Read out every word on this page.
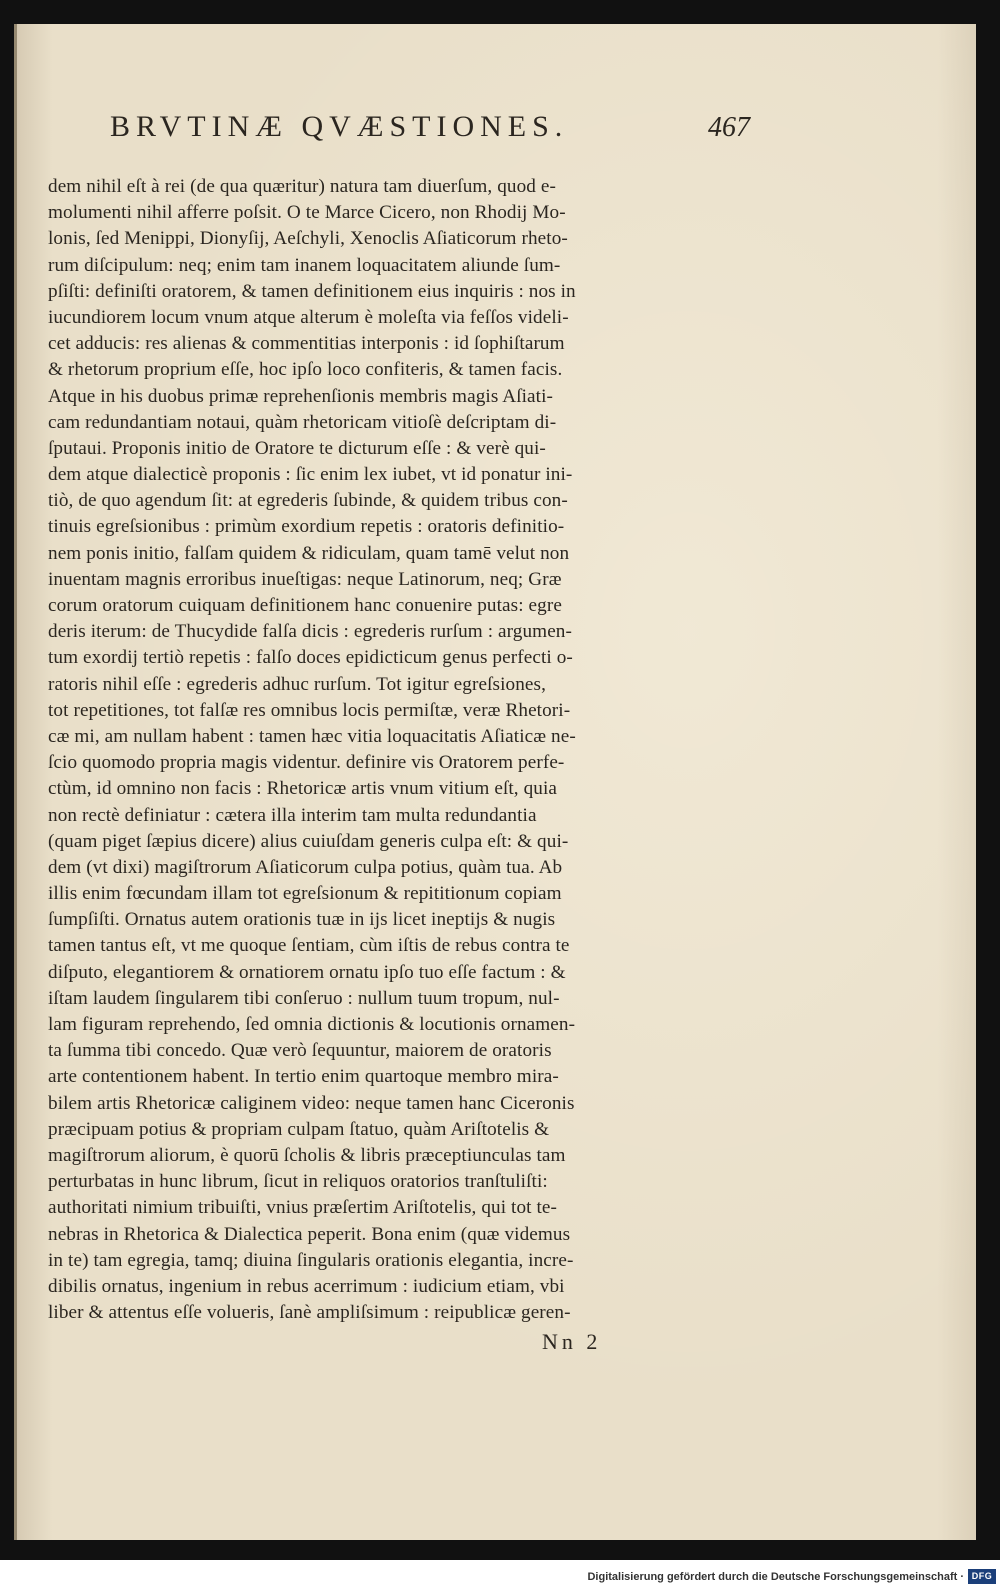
BRVTINÆ QVÆSTIONES.	467
dem nihil eſt à rei (de qua quæritur) natura tam diuerſum, quod e-
molumenti nihil afferre poſsit. O te Marce Cicero, non Rhodij Mo-
lonis, ſed Menippi, Dionyſij, Aeſchyli, Xenoclis Aſiaticorum rheto-
rum diſcipulum: neq; enim tam inanem loquacitatem aliunde ſum-
pſiſti: definiſti oratorem, & tamen definitionem eius inquiris : nos in
iucundiorem locum vnum atque alterum è moleſta via feſſos videli-
cet adducis: res alienas & commentitias interponis : id ſophiſtarum
& rhetorum proprium eſſe, hoc ipſo loco confiteris, & tamen facis.
Atque in his duobus primæ reprehenſionis membris magis Aſiati-
cam redundantiam notaui, quàm rhetoricam vitioſè deſcriptam di-
ſputaui. Proponis initio de Oratore te dicturum eſſe : & verè qui-
dem atque dialecticè proponis : ſic enim lex iubet, vt id ponatur ini-
tiò, de quo agendum ſit: at egrederis ſubinde, & quidem tribus con-
tinuis egreſsionibus : primùm exordium repetis : oratoris definitio-
nem ponis initio, falſam quidem & ridiculam, quam tamē velut non
inuentam magnis erroribus inueſtigas: neque Latinorum, neq; Græ
corum oratorum cuiquam definitionem hanc conuenire putas: egre
deris iterum: de Thucydide falſa dicis : egrederis rurſum : argumen-
tum exordij tertiò repetis : falſo doces epidicticum genus perfecti o-
ratoris nihil eſſe : egrederis adhuc rurſum. Tot igitur egreſsiones,
tot repetitiones, tot falſæ res omnibus locis permiſtæ, veræ Rhetori-
cæ mi, am nullam habent : tamen hæc vitia loquacitatis Aſiaticæ ne-
ſcio quomodo propria magis videntur. definire vis Oratorem perfe-
ctùm, id omnino non facis : Rhetoricæ artis vnum vitium eſt, quia
non rectè definiatur : cætera illa interim tam multa redundantia
(quam piget ſæpius dicere) alius cuiuſdam generis culpa eſt: & qui-
dem (vt dixi) magiſtrorum Aſiaticorum culpa potius, quàm tua. Ab
illis enim fœcundam illam tot egreſsionum & repititionum copiam
ſumpſiſti. Ornatus autem orationis tuæ in ijs licet ineptijs & nugis
tamen tantus eſt, vt me quoque ſentiam, cùm iſtis de rebus contra te
diſputo, elegantiorem & ornatiorem ornatu ipſo tuo eſſe factum : &
iſtam laudem ſingularem tibi conſeruo : nullum tuum tropum, nul-
lam figuram reprehendo, ſed omnia dictionis & locutionis ornamen-
ta ſumma tibi concedo. Quæ verò ſequuntur, maiorem de oratoris
arte contentionem habent. In tertio enim quartoque membro mira-
bilem artis Rhetoricæ caliginem video: neque tamen hanc Ciceronis
præcipuam potius & propriam culpam ſtatuo, quàm Ariſtotelis &
magiſtrorum aliorum, è quorū ſcholis & libris præceptiunculas tam
perturbatas in hunc librum, ſicut in reliquos oratorios tranſtuliſti:
authoritati nimium tribuiſti, vnius præſertim Ariſtotelis, qui tot te-
nebras in Rhetorica & Dialectica peperit. Bona enim (quæ videmus
in te) tam egregia, tamq; diuina ſingularis orationis elegantia, incre-
dibilis ornatus, ingenium in rebus acerrimum : iudicium etiam, vbi
liber & attentus eſſe volueris, ſanè ampliſsimum : reipublicæ geren-
Nn 2
Digitalisierung gefördert durch die Deutsche Forschungsgemeinschaft · DFG
